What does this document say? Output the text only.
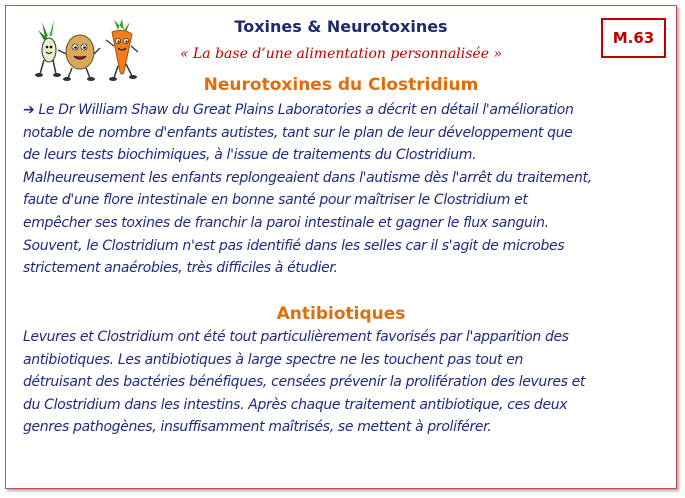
Toxines & Neurotoxines

« La base d’une alimentation personnalisée »

M.63
Neurotoxines du Clostridium

➔ Le Dr William Shaw du Great Plains Laboratories a décrit en détail l'amélioration
notable de nombre d'enfants autistes, tant sur le plan de leur développement que
de leurs tests biochimiques, à l'issue de traitements du Clostridium.
Malheureusement les enfants replongeaient dans l'autisme dès l'arrêt du traitement,
faute d'une flore intestinale en bonne santé pour maîtriser le Clostridium et
empêcher ses toxines de franchir la paroi intestinale et gagner le flux sanguin.
Souvent, le Clostridium n'est pas identifié dans les selles car il s'agit de microbes
strictement anaérobies, très difficiles à étudier.

Antibiotiques

Levures et Clostridium ont été tout particulièrement favorisés par l'apparition des
antibiotiques. Les antibiotiques à large spectre ne les touchent pas tout en
détruisant des bactéries bénéfiques, censées prévenir la prolifération des levures et
du Clostridium dans les intestins. Après chaque traitement antibiotique, ces deux
genres pathogènes, insuffisamment maîtrisés, se mettent à proliférer.
